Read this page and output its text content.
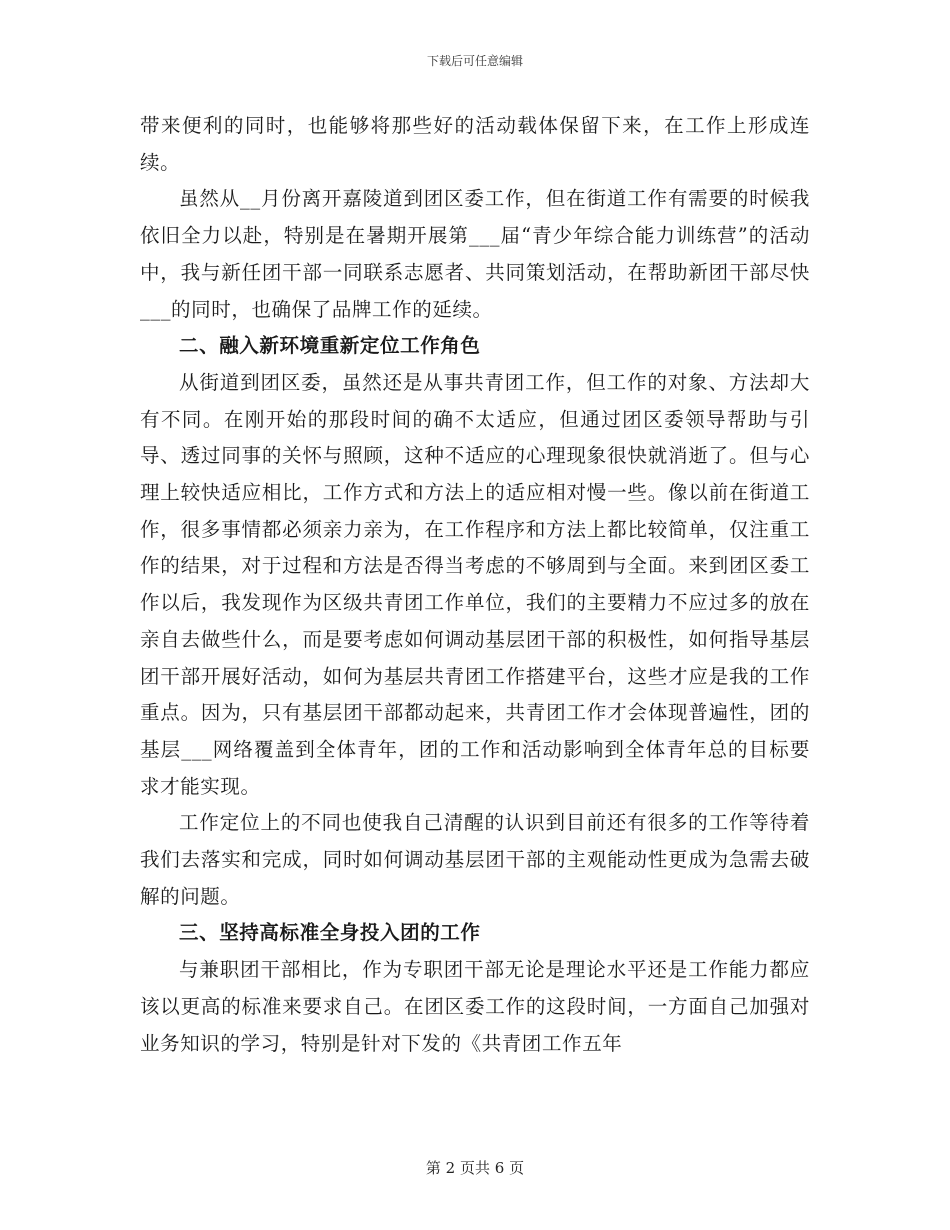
下载后可任意编辑

带来便利的同时，也能够将那些好的活动载体保留下来，在工作上形成连续。

虽然从__月份离开嘉陵道到团区委工作，但在街道工作有需要的时候我依旧全力以赴，特别是在暑期开展第___届“青少年综合能力训练营”的活动中，我与新任团干部一同联系志愿者、共同策划活动，在帮助新团干部尽快___的同时，也确保了品牌工作的延续。

二、融入新环境重新定位工作角色

从街道到团区委，虽然还是从事共青团工作，但工作的对象、方法却大有不同。在刚开始的那段时间的确不太适应，但通过团区委领导帮助与引导、透过同事的关怀与照顾，这种不适应的心理现象很快就消逝了。但与心理上较快适应相比，工作方式和方法上的适应相对慢一些。像以前在街道工作，很多事情都必须亲力亲为，在工作程序和方法上都比较简单，仅注重工作的结果，对于过程和方法是否得当考虑的不够周到与全面。来到团区委工作以后，我发现作为区级共青团工作单位，我们的主要精力不应过多的放在亲自去做些什么，而是要考虑如何调动基层团干部的积极性，如何指导基层团干部开展好活动，如何为基层共青团工作搭建平台，这些才应是我的工作重点。因为，只有基层团干部都动起来，共青团工作才会体现普遍性，团的基层___网络覆盖到全体青年，团的工作和活动影响到全体青年总的目标要求才能实现。

工作定位上的不同也使我自己清醒的认识到目前还有很多的工作等待着我们去落实和完成，同时如何调动基层团干部的主观能动性更成为急需去破解的问题。

三、坚持高标准全身投入团的工作

与兼职团干部相比，作为专职团干部无论是理论水平还是工作能力都应该以更高的标准来要求自己。在团区委工作的这段时间，一方面自己加强对业务知识的学习，特别是针对下发的《共青团工作五年

第 2 页共 6 页
